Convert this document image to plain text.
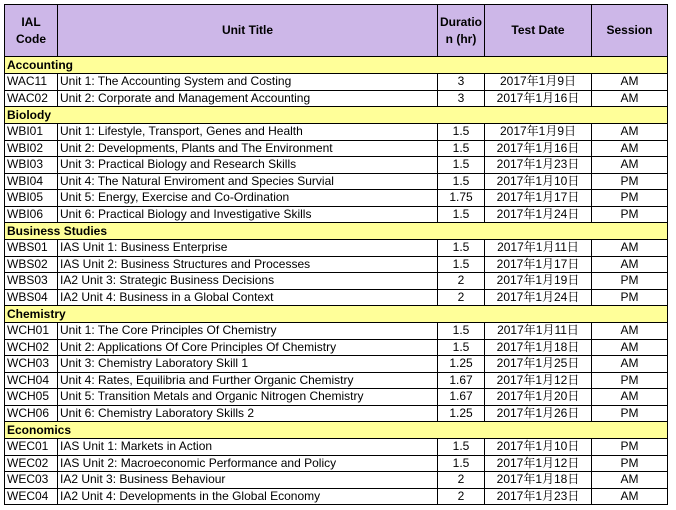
IAL Code	Unit Title	Duration (hr)	Test Date	Session
Accounting				
WAC11	Unit 1: The Accounting System and Costing	3	2017年1月9日	AM
WAC02	Unit 2: Corporate and Management Accounting	3	2017年1月16日	AM
Biolody				
WBI01	Unit 1: Lifestyle, Transport, Genes and Health	1.5	2017年1月9日	AM
WBI02	Unit 2: Developments, Plants and The Environment	1.5	2017年1月16日	AM
WBI03	Unit 3: Practical Biology and Research Skills	1.5	2017年1月23日	AM
WBI04	Unit 4: The Natural Enviroment and Species Survial	1.5	2017年1月10日	PM
WBI05	Unit 5: Energy, Exercise and Co-Ordination	1.75	2017年1月17日	PM
WBI06	Unit 6: Practical Biology and Investigative Skills	1.5	2017年1月24日	PM
Business Studies				
WBS01	IAS Unit 1: Business Enterprise	1.5	2017年1月11日	AM
WBS02	IAS Unit 2: Business Structures and Processes	1.5	2017年1月17日	AM
WBS03	IA2 Unit 3: Strategic Business Decisions	2	2017年1月19日	PM
WBS04	IA2 Unit 4: Business in a Global Context	2	2017年1月24日	PM
Chemistry				
WCH01	Unit 1: The Core Principles Of Chemistry	1.5	2017年1月11日	AM
WCH02	Unit 2: Applications Of Core Principles Of Chemistry	1.5	2017年1月18日	AM
WCH03	Unit 3: Chemistry Laboratory Skill 1	1.25	2017年1月25日	AM
WCH04	Unit 4: Rates, Equilibria and Further Organic Chemistry	1.67	2017年1月12日	PM
WCH05	Unit 5: Transition Metals and Organic Nitrogen Chemistry	1.67	2017年1月20日	AM
WCH06	Unit 6: Chemistry Laboratory Skills 2	1.25	2017年1月26日	PM
Economics				
WEC01	IAS Unit 1: Markets in Action	1.5	2017年1月10日	PM
WEC02	IAS Unit 2: Macroeconomic Performance and Policy	1.5	2017年1月12日	PM
WEC03	IA2 Unit 3: Business Behaviour	2	2017年1月18日	AM
WEC04	IA2 Unit 4: Developments in the Global Economy	2	2017年1月23日	AM
